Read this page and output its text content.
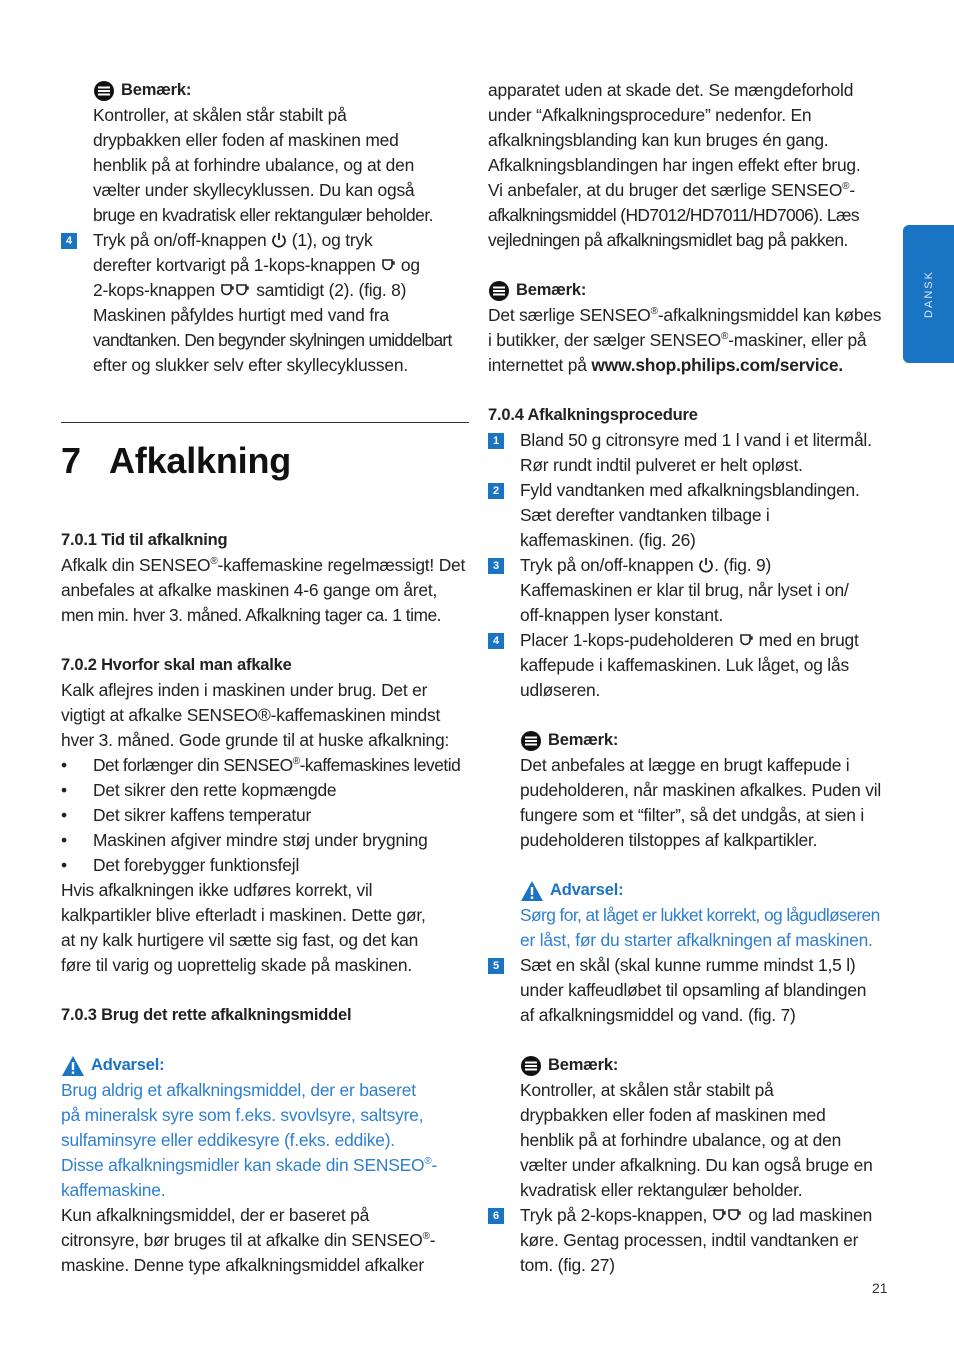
DANSK

Bemærk:

Kontroller, at skålen står stabilt på

drypbakken eller foden af maskinen med

henblik på at forhindre ubalance, og at den

vælter under skyllecyklussen. Du kan også

bruge en kvadratisk eller rektangulær beholder.

4 Tryk på on/off-knappen (1), og tryk

derefter kortvarigt på 1-kops-knappen og

2-kops-knappen samtidigt (2). (fig. 8)

Maskinen påfyldes hurtigt med vand fra

vandtanken. Den begynder skylningen umiddelbart

efter og slukker selv efter skyllecyklussen.

7 Afkalkning

7.0.1 Tid til afkalkning

Afkalk din SENSEO®-kaffemaskine regelmæssigt! Det

anbefales at afkalke maskinen 4-6 gange om året,

men min. hver 3. måned. Afkalkning tager ca. 1 time.

7.0.2 Hvorfor skal man afkalke

Kalk aflejres inden i maskinen under brug. Det er

vigtigt at afkalke SENSEO®-kaffemaskinen mindst

hver 3. måned. Gode grunde til at huske afkalkning:

• Det forlænger din SENSEO®-kaffemaskines levetid

• Det sikrer den rette kopmængde

• Det sikrer kaffens temperatur

• Maskinen afgiver mindre støj under brygning

• Det forebygger funktionsfejl

Hvis afkalkningen ikke udføres korrekt, vil

kalkpartikler blive efterladt i maskinen. Dette gør,

at ny kalk hurtigere vil sætte sig fast, og det kan

føre til varig og uoprettelig skade på maskinen.

7.0.3 Brug det rette afkalkningsmiddel

Advarsel:

Brug aldrig et afkalkningsmiddel, der er baseret

på mineralsk syre som f.eks. svovlsyre, saltsyre,

sulfaminsyre eller eddikesyre (f.eks. eddike).

Disse afkalkningsmidler kan skade din SENSEO®-

kaffemaskine.

Kun afkalkningsmiddel, der er baseret på

citronsyre, bør bruges til at afkalke din SENSEO®-

maskine. Denne type afkalkningsmiddel afkalker

apparatet uden at skade det. Se mængdeforhold

under “Afkalkningsprocedure” nedenfor. En

afkalkningsblanding kan kun bruges én gang.

Afkalkningsblandingen har ingen effekt efter brug.

Vi anbefaler, at du bruger det særlige SENSEO®-

afkalkningsmiddel (HD7012/HD7011/HD7006). Læs

vejledningen på afkalkningsmidlet bag på pakken.

Bemærk:

Det særlige SENSEO®-afkalkningsmiddel kan købes

i butikker, der sælger SENSEO®-maskiner, eller på

internettet på www.shop.philips.com/service.

7.0.4 Afkalkningsprocedure

1 Bland 50 g citronsyre med 1 l vand i et litermål.

Rør rundt indtil pulveret er helt opløst.

2 Fyld vandtanken med afkalkningsblandingen.

Sæt derefter vandtanken tilbage i

kaffemaskinen. (fig. 26)

3 Tryk på on/off-knappen . (fig. 9)

Kaffemaskinen er klar til brug, når lyset i on/

off-knappen lyser konstant.

4 Placer 1-kops-pudeholderen med en brugt

kaffepude i kaffemaskinen. Luk låget, og lås

udløseren.

Bemærk:

Det anbefales at lægge en brugt kaffepude i

pudeholderen, når maskinen afkalkes. Puden vil

fungere som et “filter”, så det undgås, at sien i

pudeholderen tilstoppes af kalkpartikler.

Advarsel:

Sørg for, at låget er lukket korrekt, og lågudløseren

er låst, før du starter afkalkningen af maskinen.

5 Sæt en skål (skal kunne rumme mindst 1,5 l)

under kaffeudløbet til opsamling af blandingen

af afkalkningsmiddel og vand. (fig. 7)

Bemærk:

Kontroller, at skålen står stabilt på

drypbakken eller foden af maskinen med

henblik på at forhindre ubalance, og at den

vælter under afkalkning. Du kan også bruge en

kvadratisk eller rektangulær beholder.

6 Tryk på 2-kops-knappen, og lad maskinen

køre. Gentag processen, indtil vandtanken er

tom. (fig. 27)

21
